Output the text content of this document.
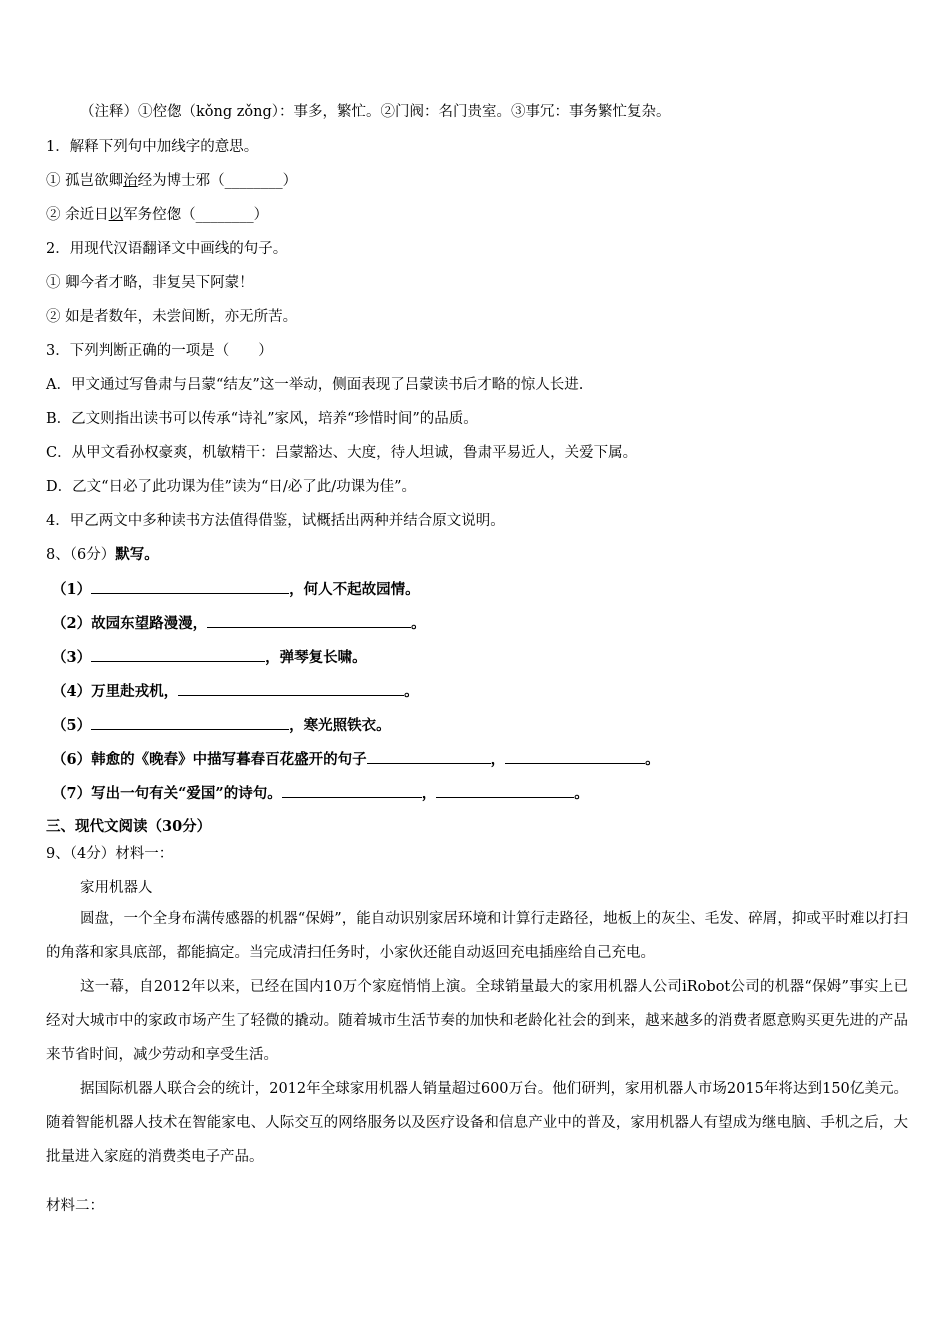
（注释）①倥偬（kǒng zǒng）：事多，繁忙。②门阀：名门贵室。③事冗：事务繁忙复杂。
1．解释下列句中加线字的意思。
① 孤岂欲卿治经为博士邪（________）
② 余近日以军务倥偬（________）
2．用现代汉语翻译文中画线的句子。
① 卿今者才略，非复吴下阿蒙！
② 如是者数年，未尝间断，亦无所苦。
3．下列判断正确的一项是（　　）
A．甲文通过写鲁肃与吕蒙“结友”这一举动，侧面表现了吕蒙读书后才略的惊人长进.
B．乙文则指出读书可以传承“诗礼”家风，培养“珍惜时间”的品质。
C．从甲文看孙权豪爽，机敏精干：吕蒙豁达、大度，待人坦诚，鲁肃平易近人，关爱下属。
D．乙文“日必了此功课为佳”读为“日/必了此/功课为佳”。
4．甲乙两文中多种读书方法值得借鉴，试概括出两种并结合原文说明。
8、（6分）默写。
（1）	，何人不起故园情。
（2）故园东望路漫漫，	。
（3）	，弹琴复长啸。
（4）万里赴戎机，	。
（5）	，寒光照铁衣。
（6）韩愈的《晚春》中描写暮春百花盛开的句子	，	。
（7）写出一句有关“爱国”的诗句。	，	。
三、现代文阅读（30分）
9、（4分）材料一：
家用机器人
圆盘，一个全身布满传感器的机器“保姆”，能自动识别家居环境和计算行走路径，地板上的灰尘、毛发、碎屑，抑或平时难以打扫的角落和家具底部，都能搞定。当完成清扫任务时，小家伙还能自动返回充电插座给自己充电。
这一幕，自2012年以来，已经在国内10万个家庭悄悄上演。全球销量最大的家用机器人公司iRobot公司的机器“保姆”事实上已经对大城市中的家政市场产生了轻微的撬动。随着城市生活节奏的加快和老龄化社会的到来，越来越多的消费者愿意购买更先进的产品来节省时间，减少劳动和享受生活。
据国际机器人联合会的统计，2012年全球家用机器人销量超过600万台。他们研判，家用机器人市场2015年将达到150亿美元。随着智能机器人技术在智能家电、人际交互的网络服务以及医疗设备和信息产业中的普及，家用机器人有望成为继电脑、手机之后，大批量进入家庭的消费类电子产品。
材料二：
